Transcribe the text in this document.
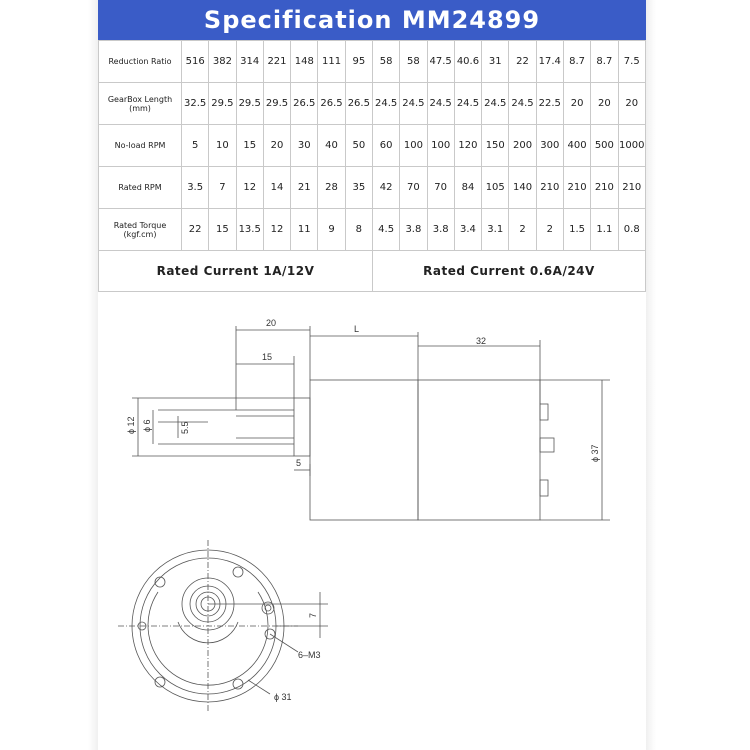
Specification MM24899
Reduction Ratio	516	382	314	221	148	111	95	58	58	47.5	40.6	31	22	17.4	8.7	8.7	7.5

GearBox Length
(mm)	32.5	29.5	29.5	29.5	26.5	26.5	26.5	24.5	24.5	24.5	24.5	24.5	24.5	22.5	20	20	20

No-load RPM	5	10	15	20	30	40	50	60	100	100	120	150	200	300	400	500	1000

Rated RPM	3.5	7	12	14	21	28	35	42	70	70	84	105	140	210	210	210	210

Rated Torque
(kgf.cm)	22	15	13.5	12	11	9	8	4.5	3.8	3.8	3.4	3.1	2	2	1.5	1.1	0.8
Rated Current 1A/12V								Rated Current 0.6A/24V									
20
L
32
15
ϕ 12 ϕ 6	5.5
5
ϕ 37
7
6–M3
ϕ 31
